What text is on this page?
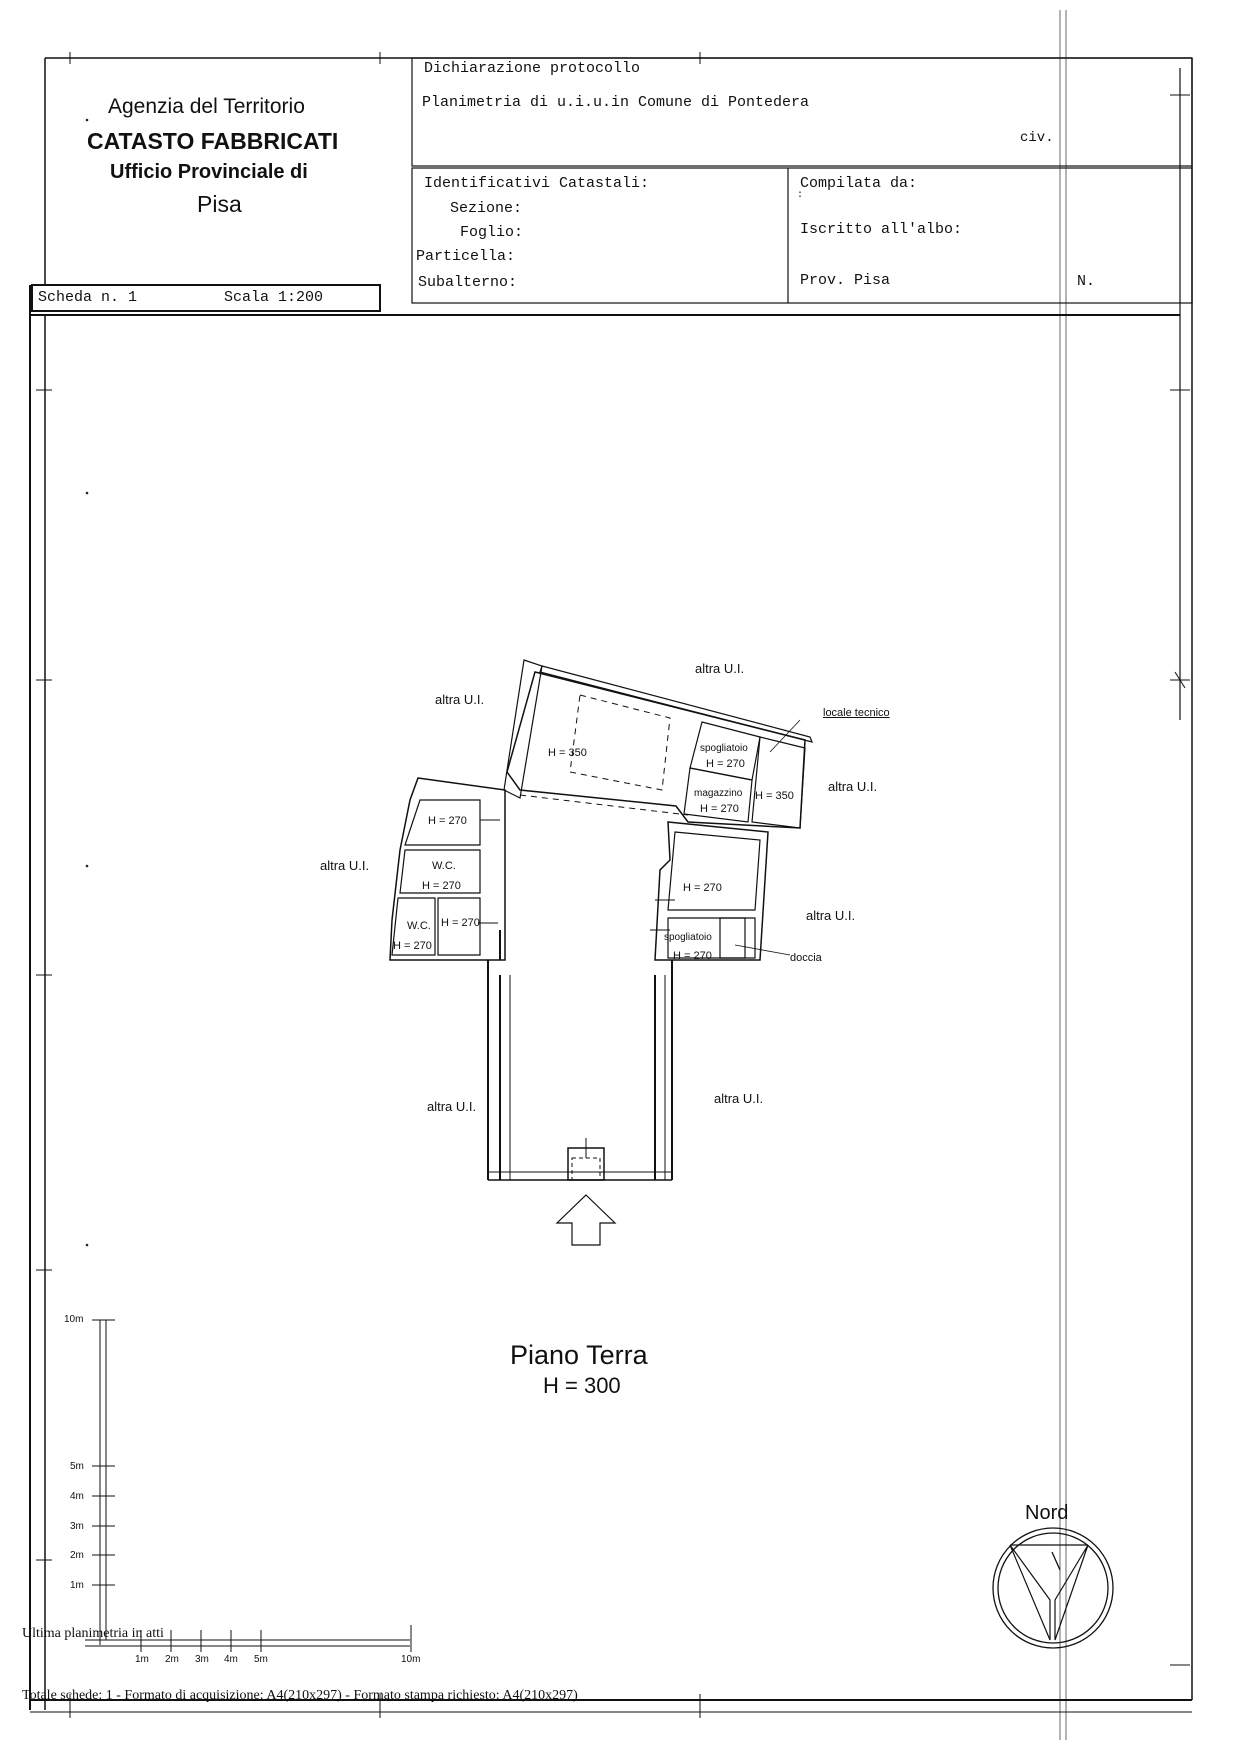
Agenzia del Territorio
CATASTO FABBRICATI
Ufficio Provinciale di
Pisa
Dichiarazione protocollo
Planimetria di u.i.u.in Comune di Pontedera
civ.
Identificativi Catastali:
Sezione:
Foglio:
Particella:
Subalterno:
Compilata da:
:
Iscritto all'albo:
Prov. Pisa	N.
Scheda n. 1	Scala 1:200
altra U.I.
altra U.I.
altra U.I.
altra U.I.
altra U.I.
altra U.I.
altra U.I.
H = 350
locale tecnico
spogliatoio
H = 270
magazzino
H = 270
H = 350
H = 270
W.C.
H = 270
W.C.
H = 270
H = 270
H = 270
spogliatoio
H = 270	doccia
Piano Terra
H = 300
Nord
10m
5m
4m
3m
2m
1m
1m 2m 3m 4m 5m	10m
Ultima planimetria in atti
Totale schede: 1 - Formato di acquisizione: A4(210x297) - Formato stampa richiesto: A4(210x297)
